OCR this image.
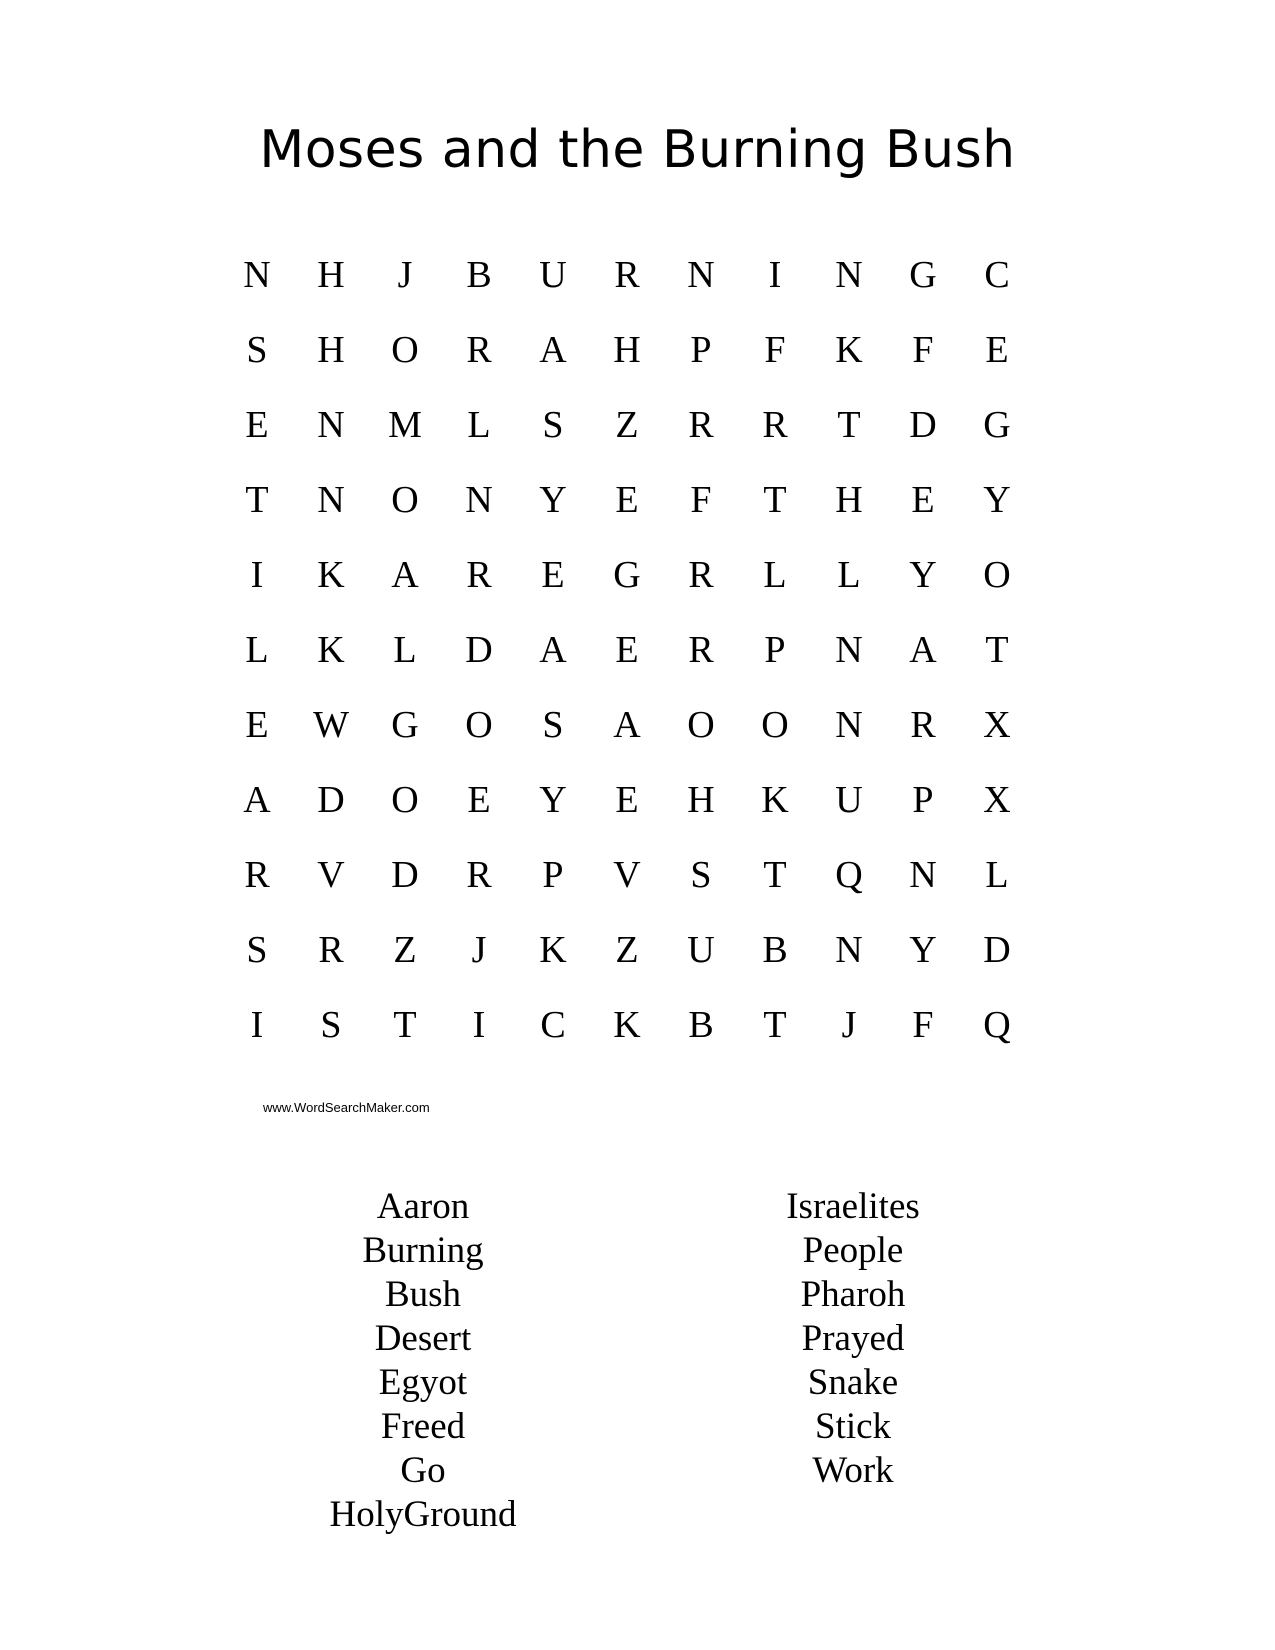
Moses and the Burning Bush
N	H	J	B	U	R	N	I	N	G	C
S	H	O	R	A	H	P	F	K	F	E
E	N	M	L	S	Z	R	R	T	D	G
T	N	O	N	Y	E	F	T	H	E	Y
I	K	A	R	E	G	R	L	L	Y	O
L	K	L	D	A	E	R	P	N	A	T
E	W	G	O	S	A	O	O	N	R	X
A	D	O	E	Y	E	H	K	U	P	X
R	V	D	R	P	V	S	T	Q	N	L
S	R	Z	J	K	Z	U	B	N	Y	D
I	S	T	I	C	K	B	T	J	F	Q
www.WordSearchMaker.com
Aaron
Burning
Bush
Desert
Egyot
Freed
Go
HolyGround
Israelites
People
Pharoh
Prayed
Snake
Stick
Work
